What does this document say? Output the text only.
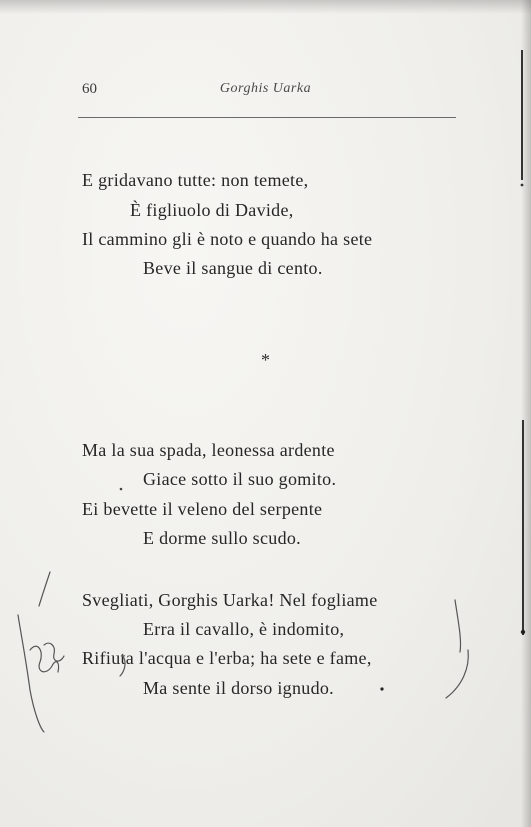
60	Gorghis Uarka
E gridavano tutte: non temete,
È figliuolo di Davide,
Il cammino gli è noto e quando ha sete
Beve il sangue di cento.
*
Ma la sua spada, leonessa ardente
Giace sotto il suo gomito.
Ei bevette il veleno del serpente
E dorme sullo scudo.
Svegliati, Gorghis Uarka! Nel fogliame
Erra il cavallo, è indomito,
Rifiuta l'acqua e l'erba; ha sete e fame,
Ma sente il dorso ignudo.
